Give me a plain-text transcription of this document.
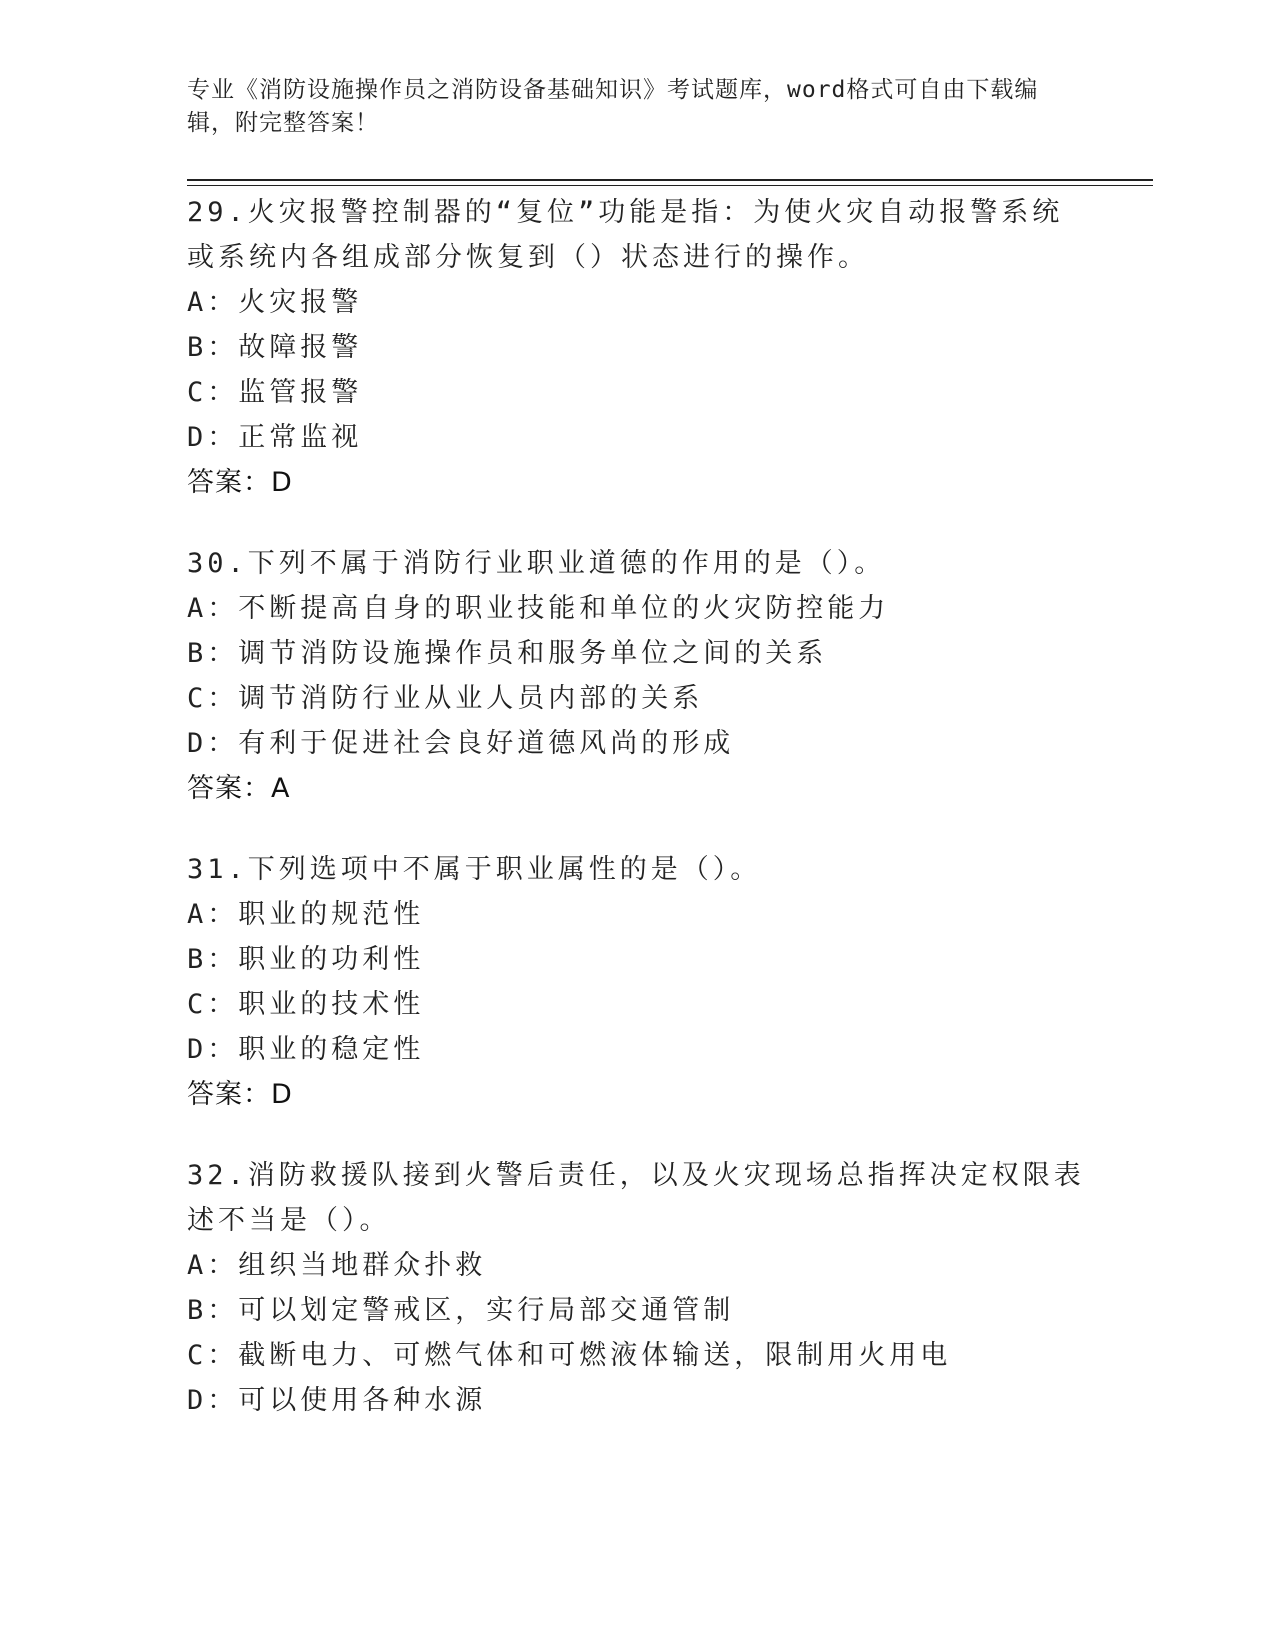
专业《消防设施操作员之消防设备基础知识》考试题库，word格式可自由下载编辑，附完整答案！

29.火灾报警控制器的“复位”功能是指：为使火灾自动报警系统或系统内各组成部分恢复到（）状态进行的操作。

A：火灾报警

B：故障报警

C：监管报警

D：正常监视

答案：D

30.下列不属于消防行业职业道德的作用的是（）。

A：不断提高自身的职业技能和单位的火灾防控能力

B：调节消防设施操作员和服务单位之间的关系

C：调节消防行业从业人员内部的关系

D：有利于促进社会良好道德风尚的形成

答案：A

31.下列选项中不属于职业属性的是（）。

A：职业的规范性

B：职业的功利性

C：职业的技术性

D：职业的稳定性

答案：D

32.消防救援队接到火警后责任，以及火灾现场总指挥决定权限表述不当是（）。

A：组织当地群众扑救

B：可以划定警戒区，实行局部交通管制

C：截断电力、可燃气体和可燃液体输送，限制用火用电

D：可以使用各种水源
